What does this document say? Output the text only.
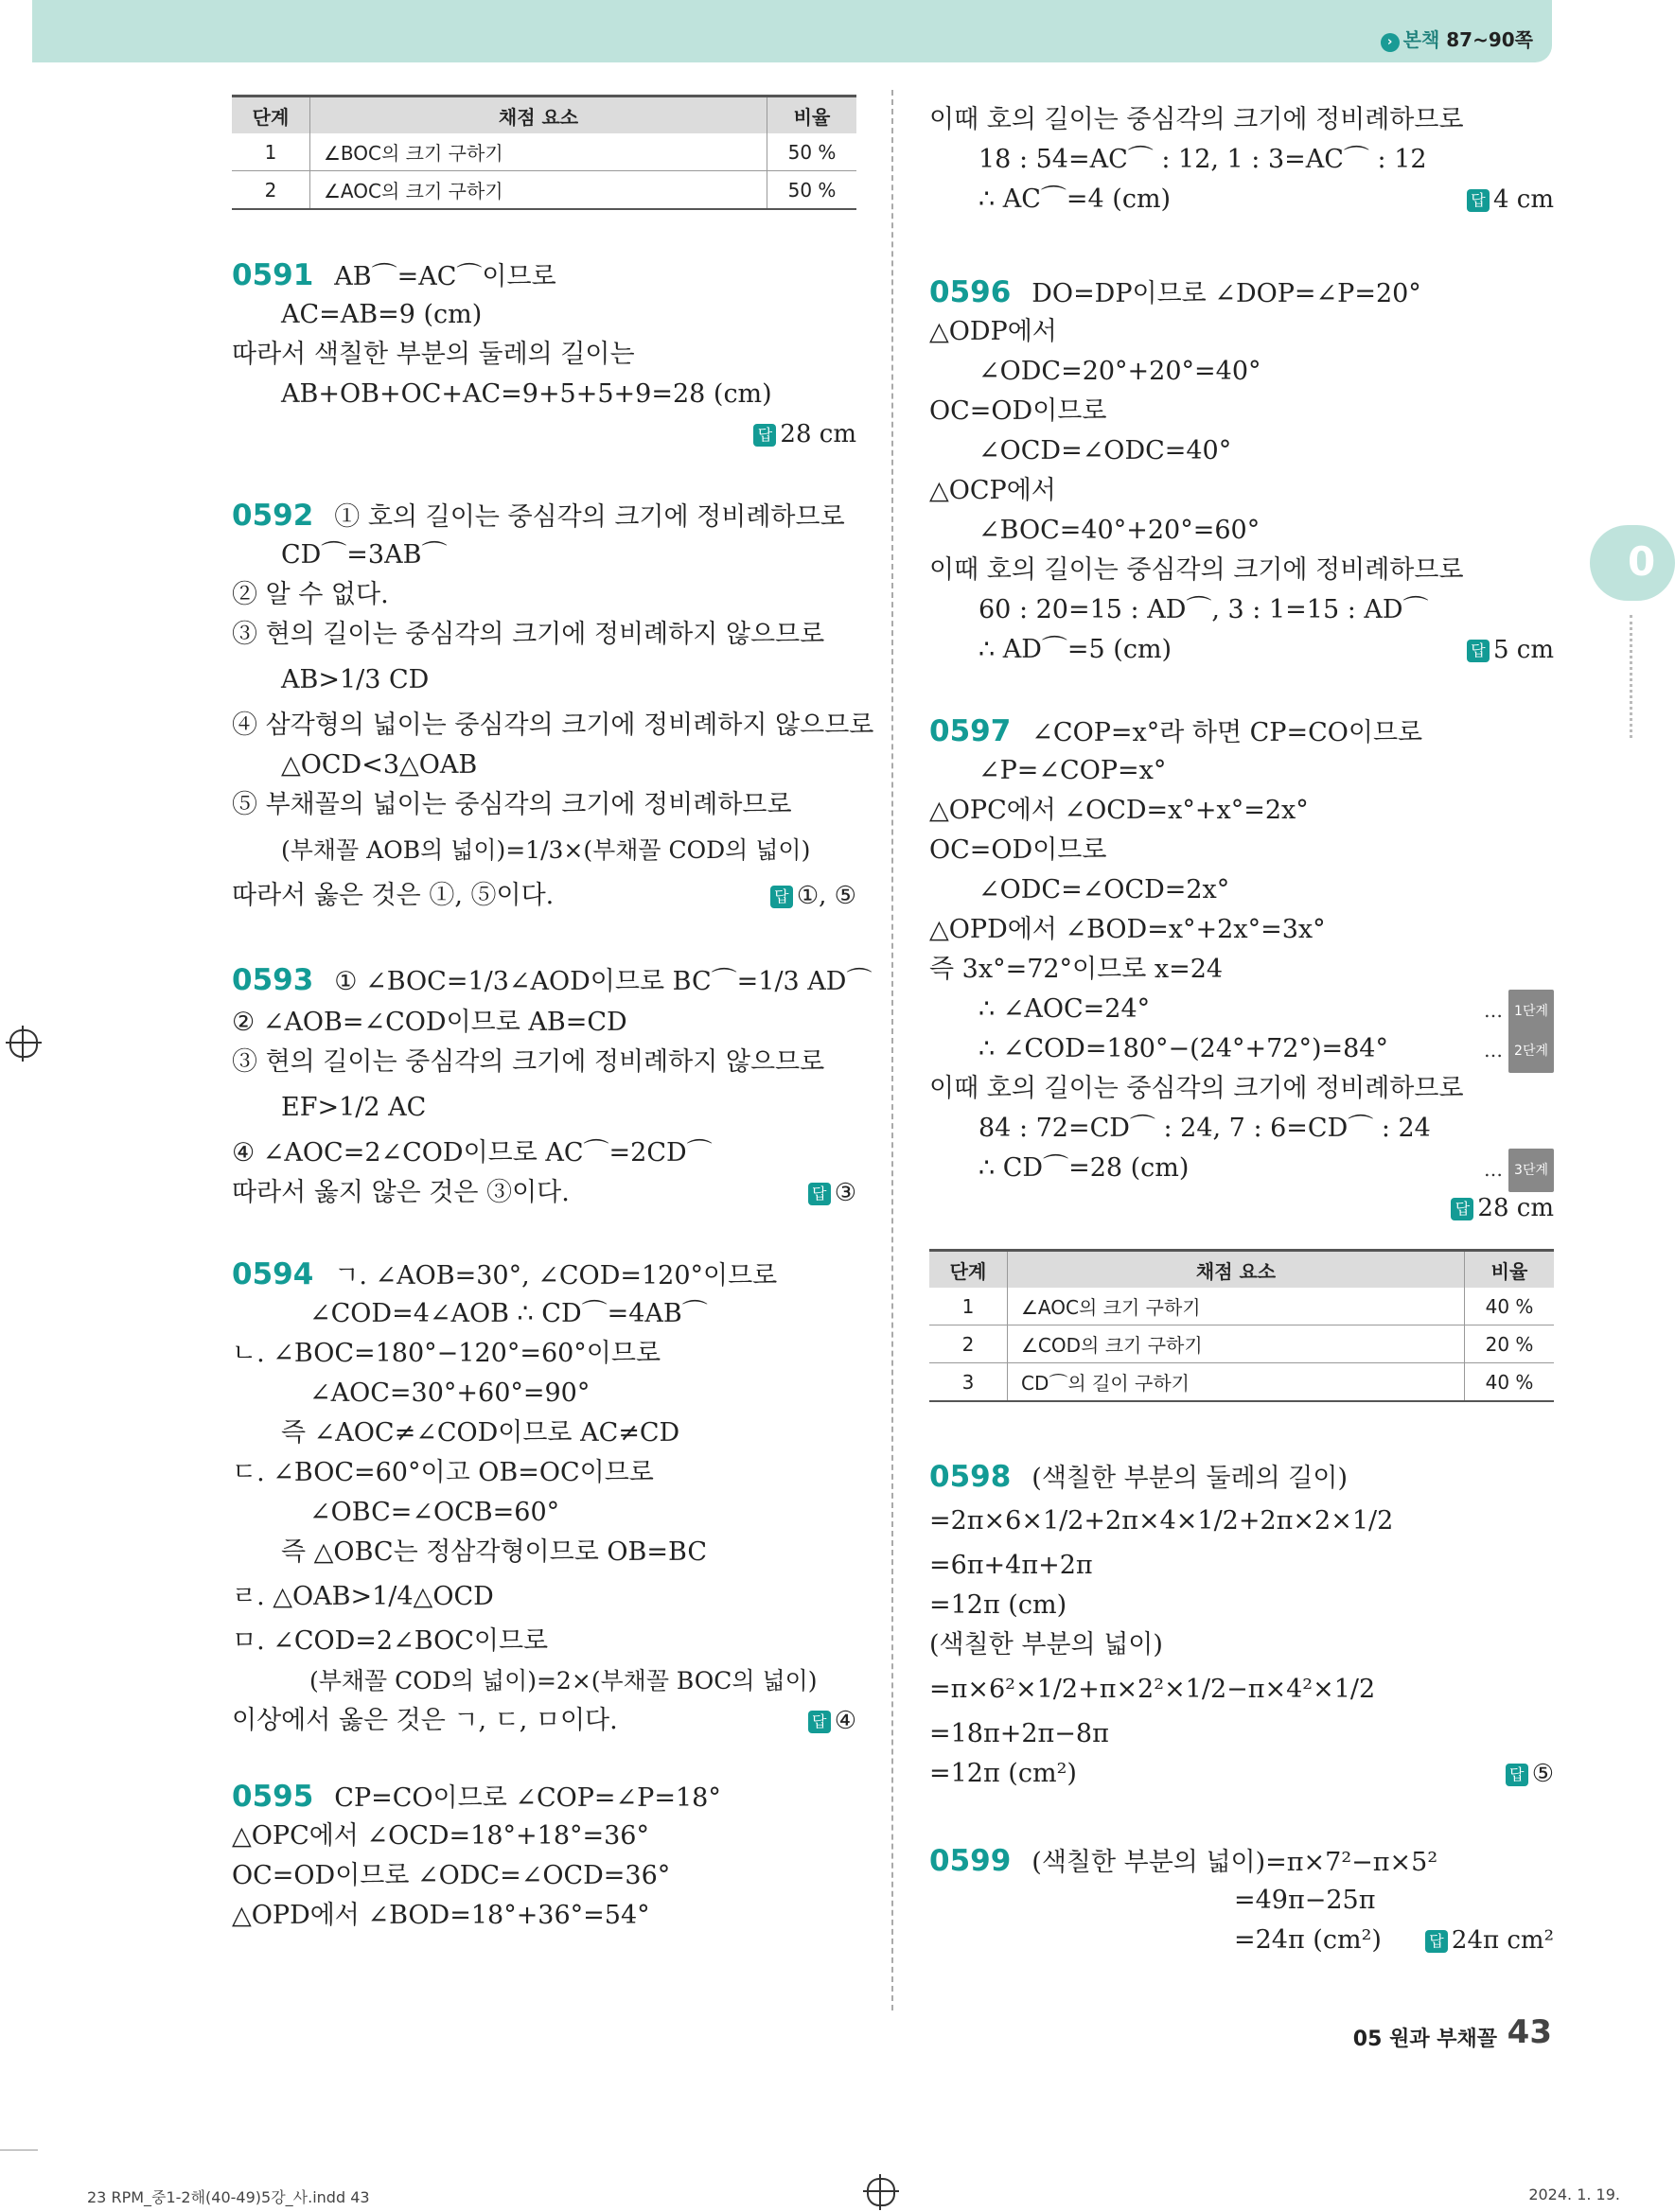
› 본책 87~90쪽
0
단계	채점 요소	비율
1	∠BOC의 크기 구하기	50 %
2	∠AOC의 크기 구하기	50 %
0591 AB⌒=AC⌒이므로
AC=AB=9 (cm)
따라서 색칠한 부분의 둘레의 길이는
AB+OB+OC+AC=9+5+5+9=28 (cm)
답 28 cm
0592 ① 호의 길이는 중심각의 크기에 정비례하므로
CD⌒=3AB⌒
② 알 수 없다.
③ 현의 길이는 중심각의 크기에 정비례하지 않으므로
AB>1/3 CD
④ 삼각형의 넓이는 중심각의 크기에 정비례하지 않으므로
△OCD<3△OAB
⑤ 부채꼴의 넓이는 중심각의 크기에 정비례하므로
(부채꼴 AOB의 넓이)=1/3×(부채꼴 COD의 넓이)
따라서 옳은 것은 ①, ⑤이다.	답 ①, ⑤
0593 ① ∠BOC=1/3∠AOD이므로 BC⌒=1/3 AD⌒
② ∠AOB=∠COD이므로 AB=CD
③ 현의 길이는 중심각의 크기에 정비례하지 않으므로
EF>1/2 AC
④ ∠AOC=2∠COD이므로 AC⌒=2CD⌒
따라서 옳지 않은 것은 ③이다.	답 ③
0594 ㄱ. ∠AOB=30°, ∠COD=120°이므로
∠COD=4∠AOB ∴ CD⌒=4AB⌒
ㄴ. ∠BOC=180°−120°=60°이므로
∠AOC=30°+60°=90°
즉 ∠AOC≠∠COD이므로 AC≠CD
ㄷ. ∠BOC=60°이고 OB=OC이므로
∠OBC=∠OCB=60°
즉 △OBC는 정삼각형이므로 OB=BC
ㄹ. △OAB>1/4△OCD
ㅁ. ∠COD=2∠BOC이므로
(부채꼴 COD의 넓이)=2×(부채꼴 BOC의 넓이)
이상에서 옳은 것은 ㄱ, ㄷ, ㅁ이다.	답 ④
0595 CP=CO이므로 ∠COP=∠P=18°
△OPC에서 ∠OCD=18°+18°=36°
OC=OD이므로 ∠ODC=∠OCD=36°
△OPD에서 ∠BOD=18°+36°=54°
이때 호의 길이는 중심각의 크기에 정비례하므로
18 : 54=AC⌒ : 12, 1 : 3=AC⌒ : 12
∴ AC⌒=4 (cm)	답 4 cm
0596 DO=DP이므로 ∠DOP=∠P=20°
△ODP에서
∠ODC=20°+20°=40°
OC=OD이므로
∠OCD=∠ODC=40°
△OCP에서
∠BOC=40°+20°=60°
이때 호의 길이는 중심각의 크기에 정비례하므로
60 : 20=15 : AD⌒, 3 : 1=15 : AD⌒
∴ AD⌒=5 (cm)	답 5 cm
0597 ∠COP=x°라 하면 CP=CO이므로
∠P=∠COP=x°
△OPC에서 ∠OCD=x°+x°=2x°
OC=OD이므로
∠ODC=∠OCD=2x°
△OPD에서 ∠BOD=x°+2x°=3x°
즉 3x°=72°이므로 x=24
∴ ∠AOC=24°	… 1단계
∴ ∠COD=180°−(24°+72°)=84°	… 2단계
이때 호의 길이는 중심각의 크기에 정비례하므로
84 : 72=CD⌒ : 24, 7 : 6=CD⌒ : 24
∴ CD⌒=28 (cm)	… 3단계
답 28 cm
단계	채점 요소	비율
1	∠AOC의 크기 구하기	40 %
2	∠COD의 크기 구하기	20 %
3	CD⌒의 길이 구하기	40 %
0598 (색칠한 부분의 둘레의 길이)
=2π×6×1/2+2π×4×1/2+2π×2×1/2
=6π+4π+2π
=12π (cm)
(색칠한 부분의 넓이)
=π×6²×1/2+π×2²×1/2−π×4²×1/2
=18π+2π−8π
=12π (cm²)	답 ⑤
0599 (색칠한 부분의 넓이)=π×7²−π×5²
=49π−25π
=24π (cm²)	답 24π cm²
05 원과 부채꼴 43
23 RPM_중1-2해(40-49)5강_사.indd 43	2024. 1. 19.
